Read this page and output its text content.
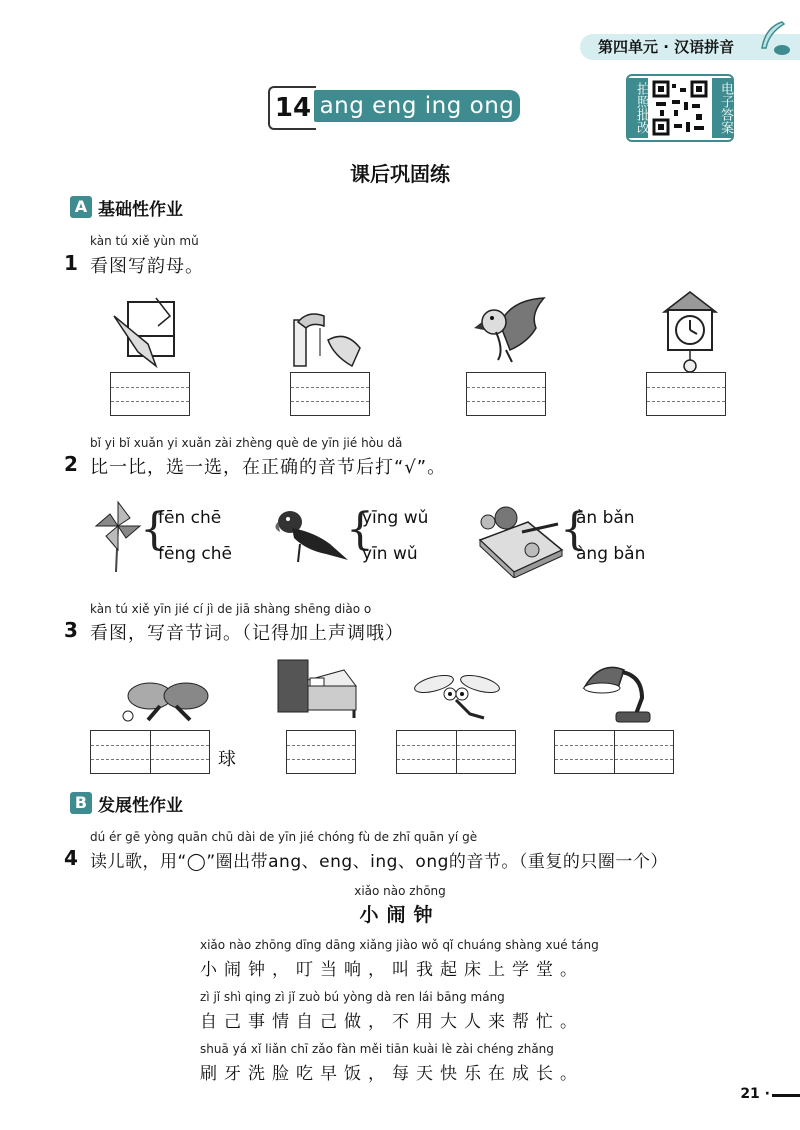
第四单元 · 汉语拼音
14 ang eng ing ong	拍照批改	电子答案
课后巩固练
A 基础性作业
kàn tú xiě yùn mǔ
1 看图写韵母。
bǐ yi bǐ xuǎn yi xuǎn zài zhèng què de yīn jié hòu dǎ
2 比一比，选一选，在正确的音节后打“√”。
{
fēn chē
fēng chē	{
yīng wǔ
yīn wǔ	{
àn bǎn
àng bǎn
kàn tú xiě yīn jié cí jì de jiā shàng shēng diào o
3 看图，写音节词。（记得加上声调哦）
球
B 发展性作业
dú ér gē yòng quān chū dài de yīn jié chóng fù de zhī quān yí gè
4 读儿歌，用“◯”圈出带ang、eng、ing、ong的音节。（重复的只圈一个）
xiǎo nào zhōng
小闹钟
xiǎo nào zhōng dīng dāng xiǎng jiào wǒ qǐ chuáng shàng xué táng
小闹钟，叮当响，叫我起床上学堂。
zì jǐ shì qing zì jǐ zuò bú yòng dà ren lái bāng máng
自己事情自己做，不用大人来帮忙。
shuā yá xǐ liǎn chī zǎo fàn měi tiān kuài lè zài chéng zhǎng
刷牙洗脸吃早饭，每天快乐在成长。
21 ·
